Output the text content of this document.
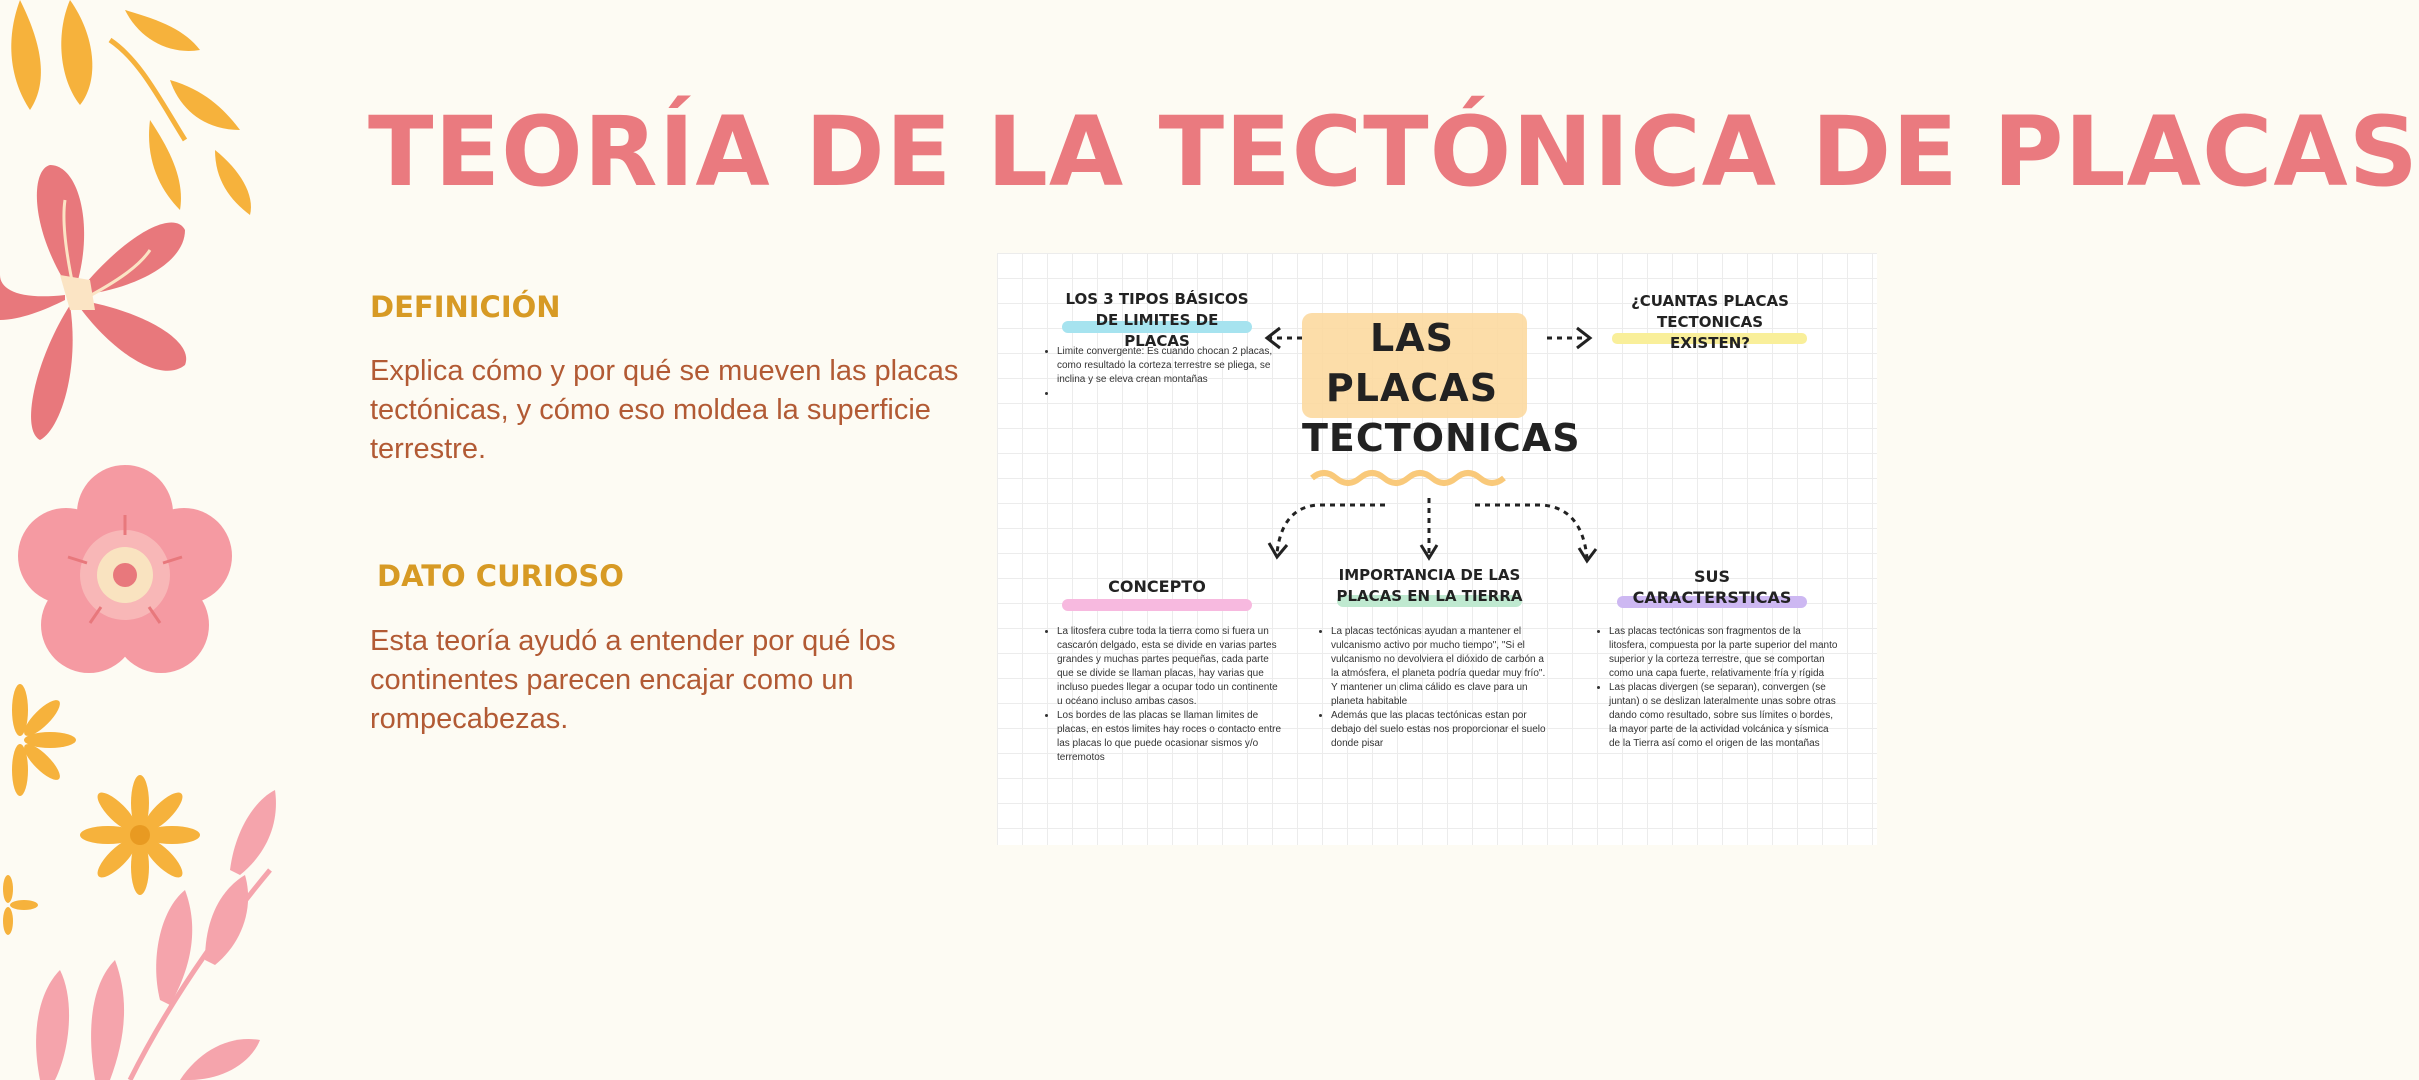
TEORÍA DE LA TECTÓNICA DE PLACAS
DEFINICIÓN

Explica cómo y por qué se mueven las placas tectónicas, y cómo eso moldea la superficie terrestre.

DATO CURIOSO

Esta teoría ayudó a entender por qué los continentes parecen encajar como un rompecabezas.

LOS 3 TIPOS BÁSICOS DE LIMITES DE PLACAS
• Limite convergente: Es cuando chocan 2 placas, como resultado la corteza terrestre se pliega, se inclina y se eleva crean montañas
•
LAS PLACAS TECTONICAS
¿CUANTAS PLACAS TECTONICAS EXISTEN?
CONCEPTO
• La litosfera cubre toda la tierra como si fuera un cascarón delgado, esta se divide en varias partes grandes y muchas partes pequeñas, cada parte que se divide se llaman placas, hay varias que incluso puedes llegar a ocupar todo un continente u océano incluso ambas casos.
• Los bordes de las placas se llaman limites de placas, en estos limites hay roces o contacto entre las placas lo que puede ocasionar sismos y/o terremotos
IMPORTANCIA DE LAS PLACAS EN LA TIERRA
• La placas tectónicas ayudan a mantener el vulcanismo activo por mucho tiempo", "Si el vulcanismo no devolviera el dióxido de carbón a la atmósfera, el planeta podría quedar muy frío". Y mantener un clima cálido es clave para un planeta habitable
• Además que las placas tectónicas estan por debajo del suelo estas nos proporcionar el suelo donde pisar
SUS CARACTERSTICAS
• Las placas tectónicas son fragmentos de la litosfera, compuesta por la parte superior del manto superior y la corteza terrestre, que se comportan como una capa fuerte, relativamente fría y rígida
• Las placas divergen (se separan), convergen (se juntan) o se deslizan lateralmente unas sobre otras dando como resultado, sobre sus límites o bordes, la mayor parte de la actividad volcánica y sísmica de la Tierra así como el origen de las montañas
